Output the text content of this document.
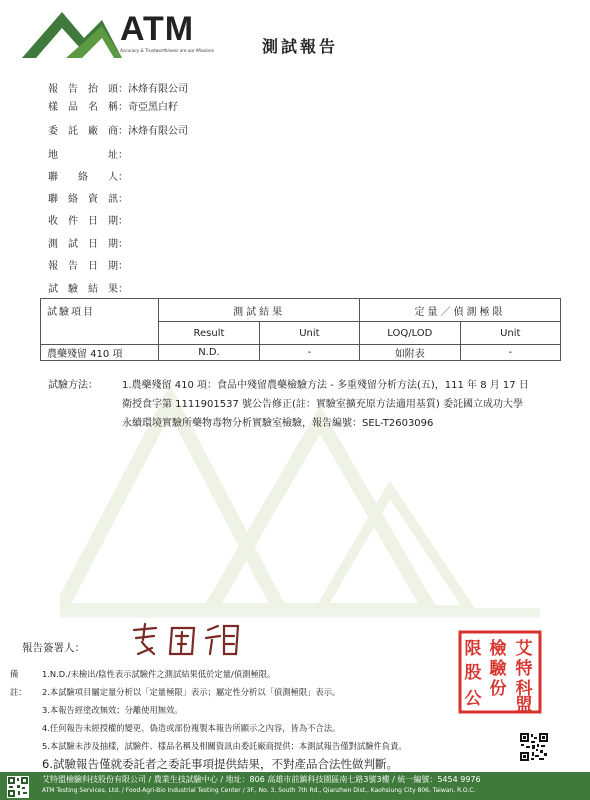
ATM
Accuracy & Trustworthiness are our Missions	測試報告
報告抬頭：沐烽有限公司
樣品名稱：奇亞黑白籽
委託廠商：沐烽有限公司
地址：
聯絡人：
聯絡資訊：
收件日期：
測試日期：
報告日期：
試驗結果：
試驗項目	測試結果		定量／偵測極限	
	Result	Unit	LOQ/LOD	Unit
農藥殘留 410 項	N.D.	-	如附表	-
試驗方法：	1.農藥殘留 410 項：食品中殘留農藥檢驗方法 - 多重殘留分析方法(五)，111 年 8 月 17 日
衛授食字第 1111901537 號公告修正(註：實驗室擴充原方法適用基質) 委託國立成功大學
永續環境實驗所藥物毒物分析實驗室檢驗，報告編號：SEL-T2603096
報告簽署人：	限 檢 艾
股 驗 特
公 份 科
盟
備註：
1.N.D./未檢出/陰性表示試驗件之測試結果低於定量/偵測極限。
2.本試驗項目屬定量分析以「定量極限」表示；屬定性分析以「偵測極限」表示。
3.本報告經塗改無效；分離使用無效。
4.任何報告未經授權的變更、偽造或部份複製本報告所顯示之內容，皆為不合法。
5.本試驗未涉及抽樣，試驗件、樣品名稱及相關資訊由委託廠商提供；本測試報告僅對試驗件負責。
6.試驗報告僅就委託者之委託事項提供結果，不對產品合法性做判斷。
艾特盟檢驗科技股份有限公司 / 農業生技試驗中心 / 地址：806 高雄市前鎮科技園區南七路3號3樓 / 統一編號：5454 9976
ATM Testing Services, Ltd. / Food-Agri-Bio Industrial Testing Center / 3F., No. 3, South 7th Rd., Qianzhen Dist., Kaohsiung City 806, Taiwan, R.O.C.
